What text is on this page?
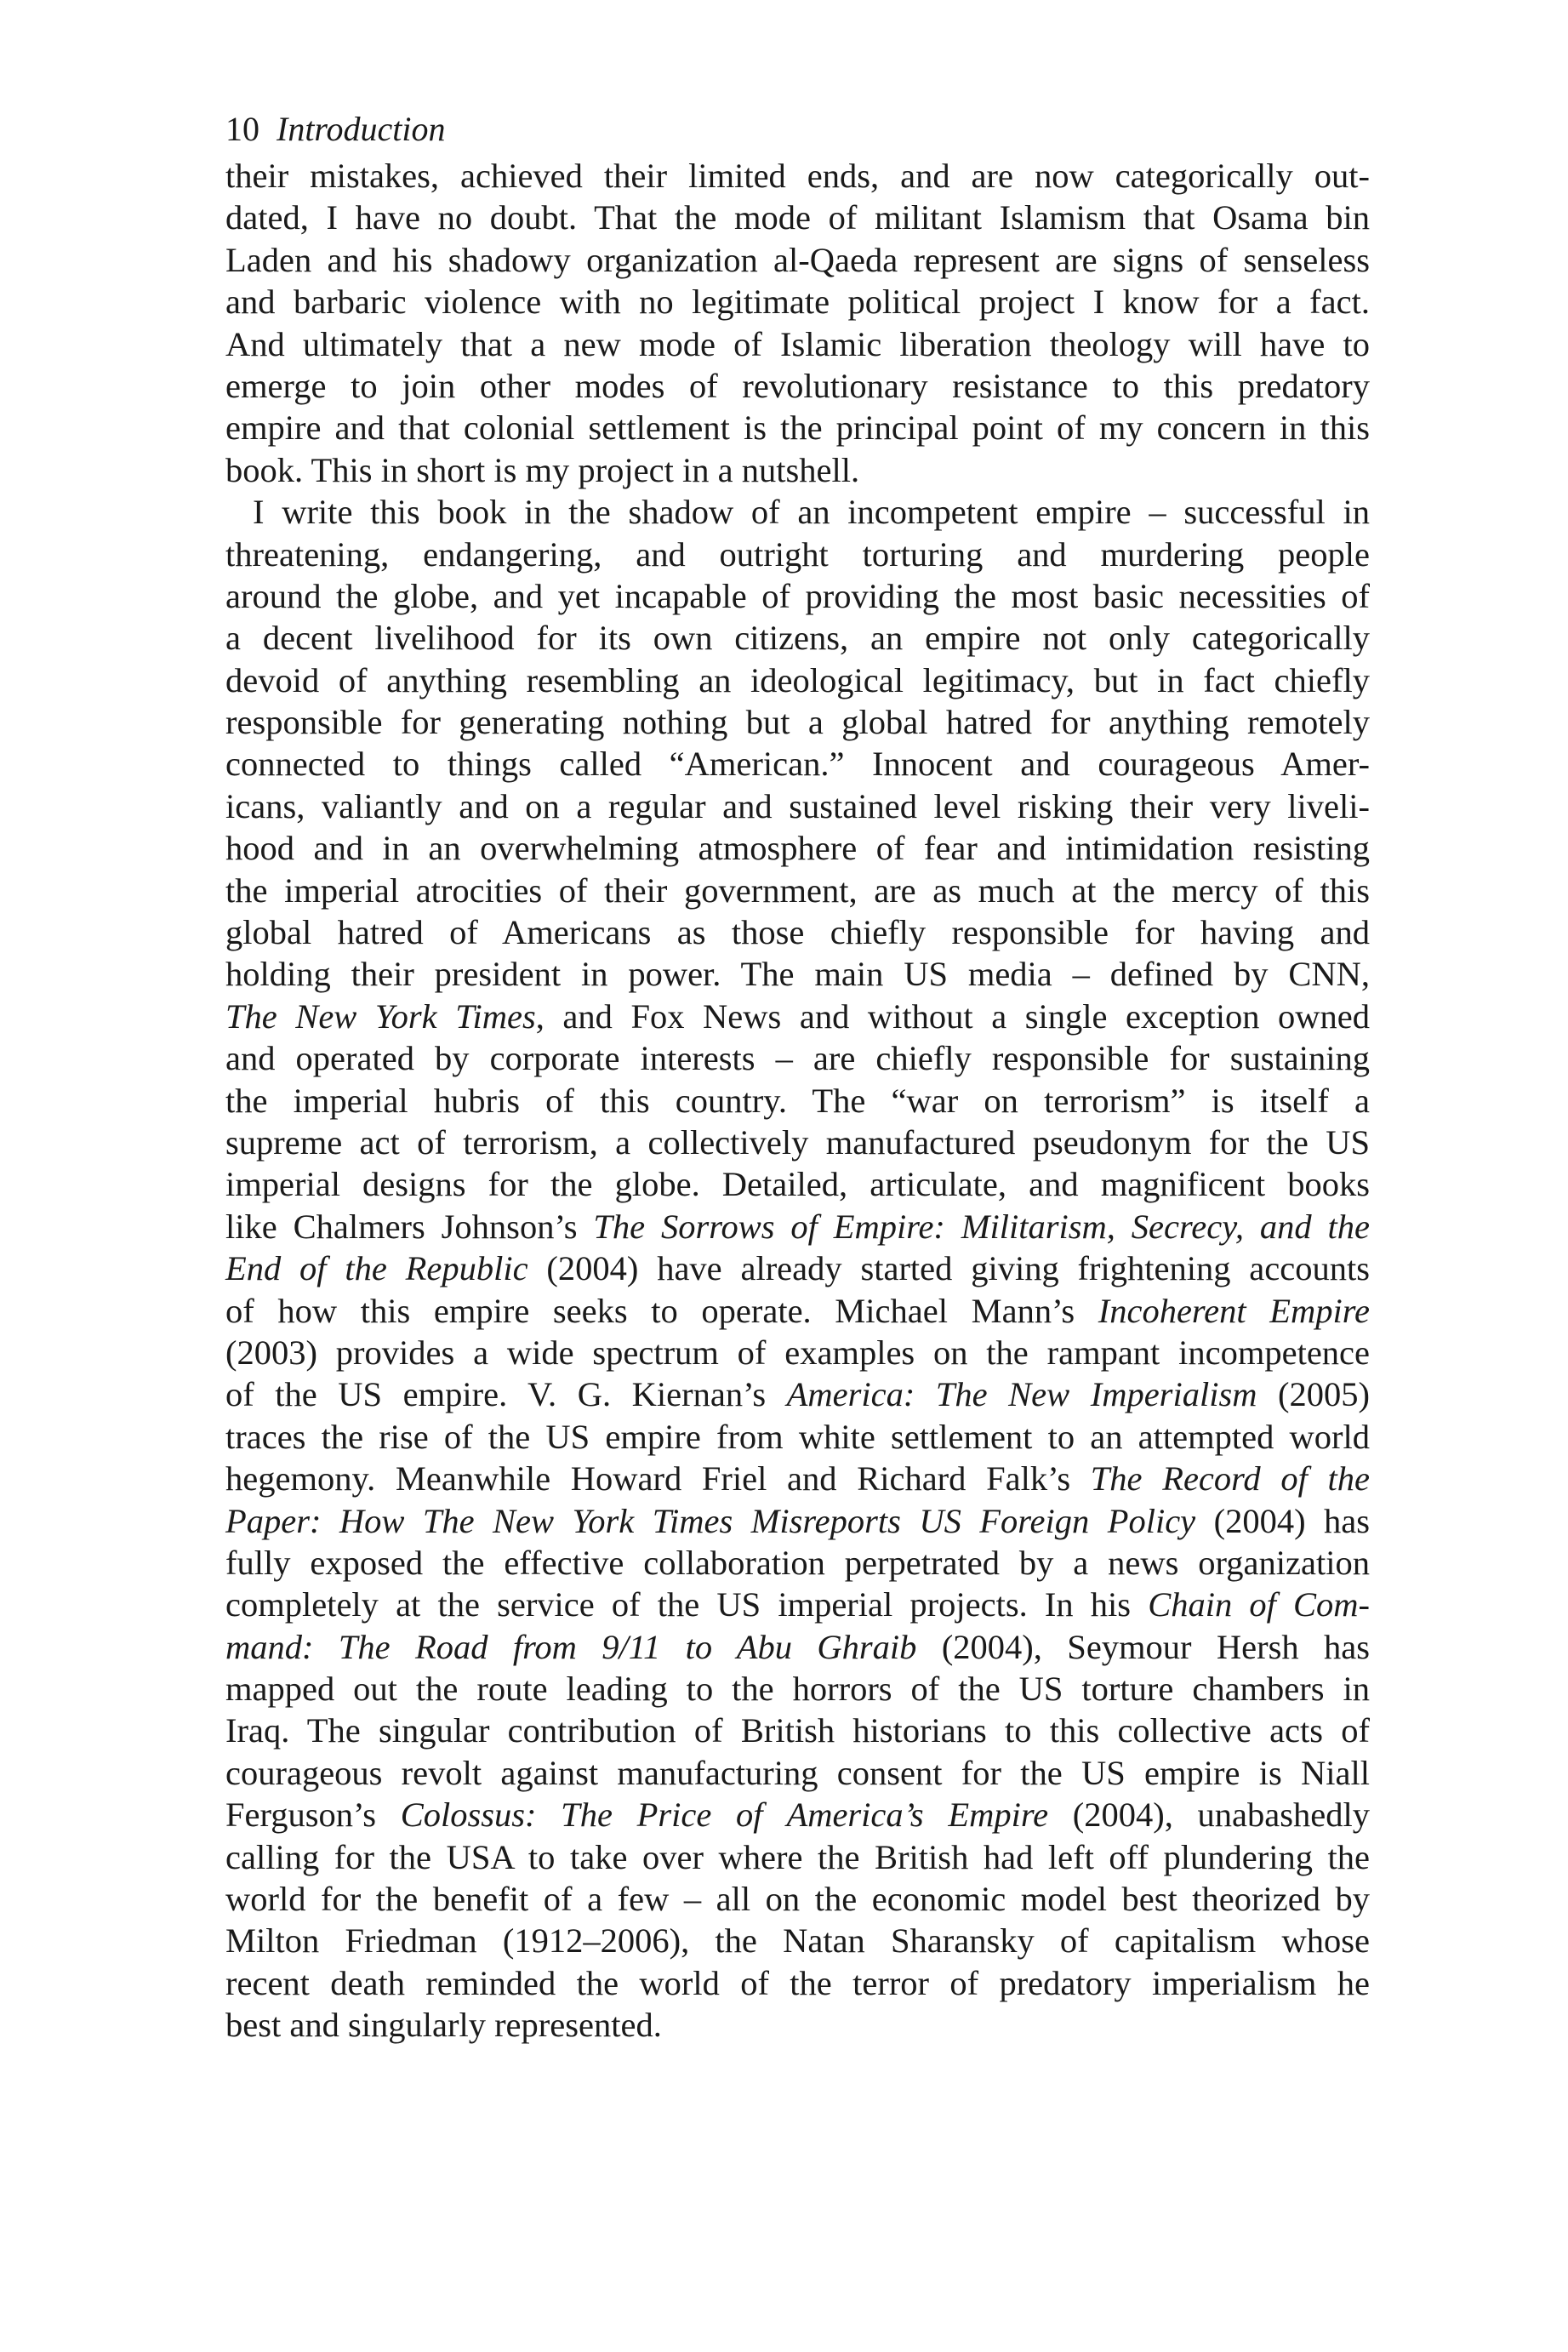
10 Introduction
their mistakes, achieved their limited ends, and are now categorically out-
dated, I have no doubt. That the mode of militant Islamism that Osama bin
Laden and his shadowy organization al-Qaeda represent are signs of senseless
and barbaric violence with no legitimate political project I know for a fact.
And ultimately that a new mode of Islamic liberation theology will have to
emerge to join other modes of revolutionary resistance to this predatory
empire and that colonial settlement is the principal point of my concern in this
book. This in short is my project in a nutshell.
I write this book in the shadow of an incompetent empire – successful in
threatening, endangering, and outright torturing and murdering people
around the globe, and yet incapable of providing the most basic necessities of
a decent livelihood for its own citizens, an empire not only categorically
devoid of anything resembling an ideological legitimacy, but in fact chiefly
responsible for generating nothing but a global hatred for anything remotely
connected to things called “American.” Innocent and courageous Amer-
icans, valiantly and on a regular and sustained level risking their very liveli-
hood and in an overwhelming atmosphere of fear and intimidation resisting
the imperial atrocities of their government, are as much at the mercy of this
global hatred of Americans as those chiefly responsible for having and
holding their president in power. The main US media – defined by CNN,
The New York Times, and Fox News and without a single exception owned
and operated by corporate interests – are chiefly responsible for sustaining
the imperial hubris of this country. The “war on terrorism” is itself a
supreme act of terrorism, a collectively manufactured pseudonym for the US
imperial designs for the globe. Detailed, articulate, and magnificent books
like Chalmers Johnson’s The Sorrows of Empire: Militarism, Secrecy, and the
End of the Republic (2004) have already started giving frightening accounts
of how this empire seeks to operate. Michael Mann’s Incoherent Empire
(2003) provides a wide spectrum of examples on the rampant incompetence
of the US empire. V. G. Kiernan’s America: The New Imperialism (2005)
traces the rise of the US empire from white settlement to an attempted world
hegemony. Meanwhile Howard Friel and Richard Falk’s The Record of the
Paper: How The New York Times Misreports US Foreign Policy (2004) has
fully exposed the effective collaboration perpetrated by a news organization
completely at the service of the US imperial projects. In his Chain of Com-
mand: The Road from 9/11 to Abu Ghraib (2004), Seymour Hersh has
mapped out the route leading to the horrors of the US torture chambers in
Iraq. The singular contribution of British historians to this collective acts of
courageous revolt against manufacturing consent for the US empire is Niall
Ferguson’s Colossus: The Price of America’s Empire (2004), unabashedly
calling for the USA to take over where the British had left off plundering the
world for the benefit of a few – all on the economic model best theorized by
Milton Friedman (1912–2006), the Natan Sharansky of capitalism whose
recent death reminded the world of the terror of predatory imperialism he
best and singularly represented.
